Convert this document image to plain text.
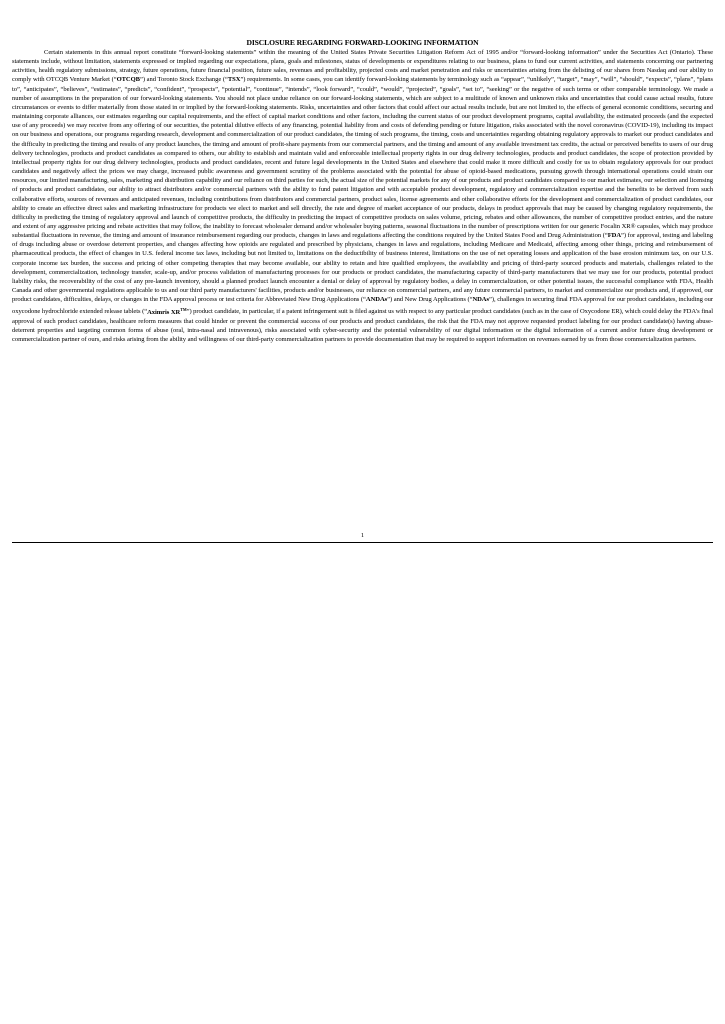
DISCLOSURE REGARDING FORWARD-LOOKING INFORMATION

Certain statements in this annual report constitute “forward-looking statements” within the meaning of the United States Private Securities Litigation Reform Act of 1995 and/or “forward-looking information” under the Securities Act (Ontario). These statements include, without limitation, statements expressed or implied regarding our expectations, plans, goals and milestones, status of developments or expenditures relating to our business, plans to fund our current activities, and statements concerning our partnering activities, health regulatory submissions, strategy, future operations, future financial position, future sales, revenues and profitability, projected costs and market penetration and risks or uncertainties arising from the delisting of our shares from Nasdaq and our ability to comply with OTCQB Venture Market (“OTCQB”) and Toronto Stock Exchange (“TSX”) requirements. In some cases, you can identify forward-looking statements by terminology such as “appear”, “unlikely”, “target”, “may”, “will”, “should”, “expects”, “plans”, “plans to”, “anticipates”, “believes”, “estimates”, “predicts”, “confident”, “prospects”, “potential”, “continue”, “intends”, “look forward”, “could”, “would”, “projected”, “goals”, “set to”, “seeking” or the negative of such terms or other comparable terminology. We made a number of assumptions in the preparation of our forward-looking statements. You should not place undue reliance on our forward-looking statements, which are subject to a multitude of known and unknown risks and uncertainties that could cause actual results, future circumstances or events to differ materially from those stated in or implied by the forward-looking statements. Risks, uncertainties and other factors that could affect our actual results include, but are not limited to, the effects of general economic conditions, securing and maintaining corporate alliances, our estimates regarding our capital requirements, and the effect of capital market conditions and other factors, including the current status of our product development programs, capital availability, the estimated proceeds (and the expected use of any proceeds) we may receive from any offering of our securities, the potential dilutive effects of any financing, potential liability from and costs of defending pending or future litigation, risks associated with the novel coronavirus (COVID-19), including its impact on our business and operations, our programs regarding research, development and commercialization of our product candidates, the timing of such programs, the timing, costs and uncertainties regarding obtaining regulatory approvals to market our product candidates and the difficulty in predicting the timing and results of any product launches, the timing and amount of profit-share payments from our commercial partners, and the timing and amount of any available investment tax credits, the actual or perceived benefits to users of our drug delivery technologies, products and product candidates as compared to others, our ability to establish and maintain valid and enforceable intellectual property rights in our drug delivery technologies, products and product candidates, the scope of protection provided by intellectual property rights for our drug delivery technologies, products and product candidates, recent and future legal developments in the United States and elsewhere that could make it more difficult and costly for us to obtain regulatory approvals for our product candidates and negatively affect the prices we may charge, increased public awareness and government scrutiny of the problems associated with the potential for abuse of opioid-based medications, pursuing growth through international operations could strain our resources, our limited manufacturing, sales, marketing and distribution capability and our reliance on third parties for such, the actual size of the potential markets for any of our products and product candidates compared to our market estimates, our selection and licensing of products and product candidates, our ability to attract distributors and/or commercial partners with the ability to fund patent litigation and with acceptable product development, regulatory and commercialization expertise and the benefits to be derived from such collaborative efforts, sources of revenues and anticipated revenues, including contributions from distributors and commercial partners, product sales, license agreements and other collaborative efforts for the development and commercialization of product candidates, our ability to create an effective direct sales and marketing infrastructure for products we elect to market and sell directly, the rate and degree of market acceptance of our products, delays in product approvals that may be caused by changing regulatory requirements, the difficulty in predicting the timing of regulatory approval and launch of competitive products, the difficulty in predicting the impact of competitive products on sales volume, pricing, rebates and other allowances, the number of competitive product entries, and the nature and extent of any aggressive pricing and rebate activities that may follow, the inability to forecast wholesaler demand and/or wholesaler buying patterns, seasonal fluctuations in the number of prescriptions written for our generic Focalin XR® capsules, which may produce substantial fluctuations in revenue, the timing and amount of insurance reimbursement regarding our products, changes in laws and regulations affecting the conditions required by the United States Food and Drug Administration (“FDA”) for approval, testing and labeling of drugs including abuse or overdose deterrent properties, and changes affecting how opioids are regulated and prescribed by physicians, changes in laws and regulations, including Medicare and Medicaid, affecting among other things, pricing and reimbursement of pharmaceutical products, the effect of changes in U.S. federal income tax laws, including but not limited to, limitations on the deductibility of business interest, limitations on the use of net operating losses and application of the base erosion minimum tax, on our U.S. corporate income tax burden, the success and pricing of other competing therapies that may become available, our ability to retain and hire qualified employees, the availability and pricing of third-party sourced products and materials, challenges related to the development, commercialization, technology transfer, scale-up, and/or process validation of manufacturing processes for our products or product candidates, the manufacturing capacity of third-party manufacturers that we may use for our products, potential product liability risks, the recoverability of the cost of any pre-launch inventory, should a planned product launch encounter a denial or delay of approval by regulatory bodies, a delay in commercialization, or other potential issues, the successful compliance with FDA, Health Canada and other governmental regulations applicable to us and our third party manufacturers' facilities, products and/or businesses, our reliance on commercial partners, and any future commercial partners, to market and commercialize our products and, if approved, our product candidates, difficulties, delays, or changes in the FDA approval process or test criteria for Abbreviated New Drug Applications (“ANDAs”) and New Drug Applications (“NDAs”), challenges in securing final FDA approval for our product candidates, including our oxycodone hydrochloride extended release tablets (“Aximris XR™”) product candidate, in particular, if a patent infringement suit is filed against us with respect to any particular product candidates (such as in the case of Oxycodone ER), which could delay the FDA's final approval of such product candidates, healthcare reform measures that could hinder or prevent the commercial success of our products and product candidates, the risk that the FDA may not approve requested product labeling for our product candidate(s) having abuse-deterrent properties and targeting common forms of abuse (oral, intra-nasal and intravenous), risks associated with cyber-security and the potential vulnerability of our digital information or the digital information of a current and/or future drug development or commercialization partner of ours, and risks arising from the ability and willingness of our third-party commercialization partners to provide documentation that may be required to support information on revenues earned by us from those commercialization partners.

1
